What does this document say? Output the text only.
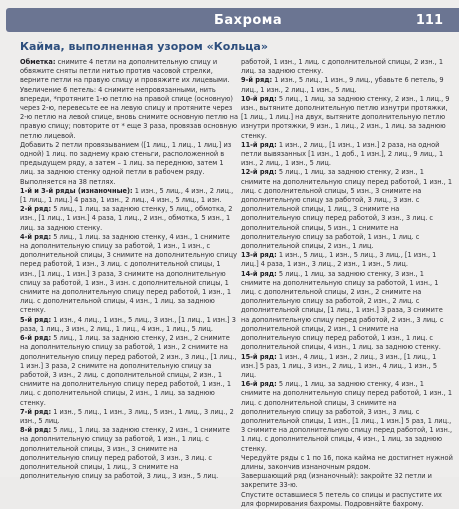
Бахрома	111
Кайма, выполненная узором «Кольца»

Обметка: снимите 4 петли на дополнительную спицу и обвяжите сняты петли нитью против часовой стрелки, верните петли на правую спицу и провяжите их лицевыми.

Увеличение 6 петель: 4 снимите непровязанными, нить впереди, *протяните 1-ю петлю на правой спице (основную) через 2-ю, перевесьте ее на левую спицу и протяните через 2-ю петлю на левой спице, вновь снимите основную петлю на правую спицу; повторите от * еще 3 раза, провязав основную петлю лицевой.

Добавить 2 петли провязыванием ([1 лиц., 1 лиц., 1 лиц.] из одной) 1 лиц. по заднему краю стеньги, расположенной в предыдущем ряду, а затем – 1 лиц. за переднюю, затем 1 лиц. за заднюю стенку одной петли в рабочем ряду.

Выполняется на 38 петлях.

1-й и 3-й ряды (изнаночные): 1 изн., 5 лиц., 4 изн., 2 лиц., [1 лиц., 1 лиц.] 4 раза, 1 изн., 2 лиц., 4 изн., 5 лиц., 1 изн.

2-й ряд: 5 лиц., 1 лиц. за заднюю стенку, 5 лиц., обмотка, 2 изн., [1 лиц., 1 изн.] 4 раза, 1 лиц., 2 изн., обмотка, 5 изн., 1 лиц. за заднюю стенку.

4-й ряд: 5 лиц., 1 лиц. за заднюю стенку, 4 изн., 1 снимите на дополнительную спицу за работой, 1 изн., 1 изн., с дополнительной спицы, 3 снимите на дополнительную спицу перед работой, 1 изн., 3 лиц. с дополнительной спицы, 1 изн., [1 лиц., 1 изн.] 3 раза, 3 снимите на дополнительную спицу за работой, 1 изн., 3 изн. с дополнительной спицы, 1 снимите на дополнительную спицу перед работой, 1 изн., 1 лиц. с дополнительной спицы, 4 изн., 1 лиц. за заднюю стенку.

5-й ряд: 1 изн., 4 лиц., 1 изн., 5 лиц., 3 изн., [1 лиц., 1 изн.] 3 раза, 1 лиц., 3 изн., 2 лиц., 1 лиц., 4 изн., 1 лиц., 5 лиц.

6-й ряд: 5 лиц., 1 лиц. за заднюю стенку, 2 изн., 2 снимите на дополнительную спицу за работой, 1 изн., 2 снимите на дополнительную спицу перед работой, 2 изн., 3 лиц., [1 лиц., 1 изн.] 3 раза, 2 снимите на дополнительную спицу за работой, 3 изн., 2 лиц. с дополнительной спицы, 2 изн., 1 снимите на дополнительную спицу перед работой, 1 изн., 1 лиц. с дополнительной спицы, 2 изн., 1 лиц. за заднюю стенку.

7-й ряд: 1 изн., 5 лиц., 1 изн., 3 лиц., 5 изн., 1 лиц., 3 лиц., 2 изн., 5 лиц.

8-й ряд: 5 лиц., 1 лиц. за заднюю стенку, 2 изн., 1 снимите на дополнительную спицу за работой, 1 изн., 1 лиц. с дополнительной спицы, 3 изн., 3 снимите на дополнительную спицу перед работой, 3 изн., 3 лиц. с дополнительной спицы, 1 лиц., 3 снимите на дополнительную спицу за работой, 3 лиц., 3 изн., 5 лиц.

работой, 1 изн., 1 лиц. с дополнительной спицы, 2 изн., 1 лиц. за заднюю стенку.

9-й ряд: 1 изн., 5 лиц., 1 изн., 9 лиц., убавьте 6 петель, 9 лиц., 1 изн., 2 лиц., 1 изн., 5 лиц.

10-й ряд: 5 лиц., 1 лиц. за заднюю стенку, 2 изн., 1 лиц., 9 изн., вытяните дополнительную петлю изнутри протяжки, [1 лиц., 1 лиц.] на двух, вытяните дополнительную петлю изнутри протяжки, 9 изн., 1 лиц., 2 изн., 1 лиц. за заднюю стенку.

11-й ряд: 1 изн., 2 лиц., [1 изн., 1 изн.] 2 раза, на одной петли вывязанных [1 изн., 1 доб., 1 изн.], 2 лиц., 9 лиц., 1 изн., 2 лиц., 1 изн., 5 лиц.

12-й ряд: 5 лиц., 1 лиц. за заднюю стенку, 2 изн., 1 снимите на дополнительную спицу перед работой, 1 изн., 1 лиц. с дополнительной спицы, 5 изн., 3 снимите на дополнительную спицу за работой, 3 лиц., 3 изн. с дополнительной спицы, 1 лиц., 3 снимите на дополнительную спицу перед работой, 3 изн., 3 лиц. с дополнительной спицы, 5 изн., 1 снимите на дополнительную спицу за работой, 1 изн., 1 лиц. с дополнительной спицы, 2 изн., 1 лиц.

13-й ряд: 1 изн., 5 лиц., 1 изн., 5 лиц., 3 лиц., [1 изн., 1 лиц.] 4 раза, 1 изн., 3 лиц., 2 изн., 1 изн., 5 лиц.

14-й ряд: 5 лиц., 1 лиц. за заднюю стенку, 3 изн., 1 снимите на дополнительную спицу за работой, 1 изн., 1 лиц. с дополнительной спицы, 2 изн., 2 снимите на дополнительную спицу за работой, 2 изн., 2 лиц. с дополнительной спицы, [1 лиц., 1 изн.] 3 раза, 3 снимите на дополнительную спицу перед работой, 2 изн., 3 лиц. с дополнительной спицы, 2 изн., 1 снимите на дополнительную спицу перед работой, 1 изн., 1 лиц. с дополнительной спицы, 4 изн., 1 лиц. за заднюю стенку.

15-й ряд: 1 изн., 4 лиц., 1 изн., 2 лиц., 3 изн., [1 лиц., 1 изн.] 5 раз, 1 лиц., 3 изн., 2 лиц., 1 изн., 4 лиц., 1 изн., 5 лиц.

16-й ряд: 5 лиц., 1 лиц. за заднюю стенку, 4 изн., 1 снимите на дополнительную спицу перед работой, 1 изн., 1 лиц. с дополнительной спицы, 3 снимите на дополнительную спицу за работой, 3 изн., 3 лиц. с дополнительной спицы, 1 изн., [1 лиц., 1 изн.] 5 раз, 1 лиц., 3 снимите на дополнительную спицу перед работой, 1 изн., 1 лиц. с дополнительной спицы, 4 изн., 1 лиц. за заднюю стенку.

Чередуйте ряды с 1 по 16, пока кайма не достигнет нужной длины, закончив изнаночным рядом.

Завершающий ряд (изнаночный): закройте 32 петли и закрепите 33-ю.

Спустите оставшиеся 5 петель со спицы и распустите их для формирования бахромы. Подровняйте бахрому.
